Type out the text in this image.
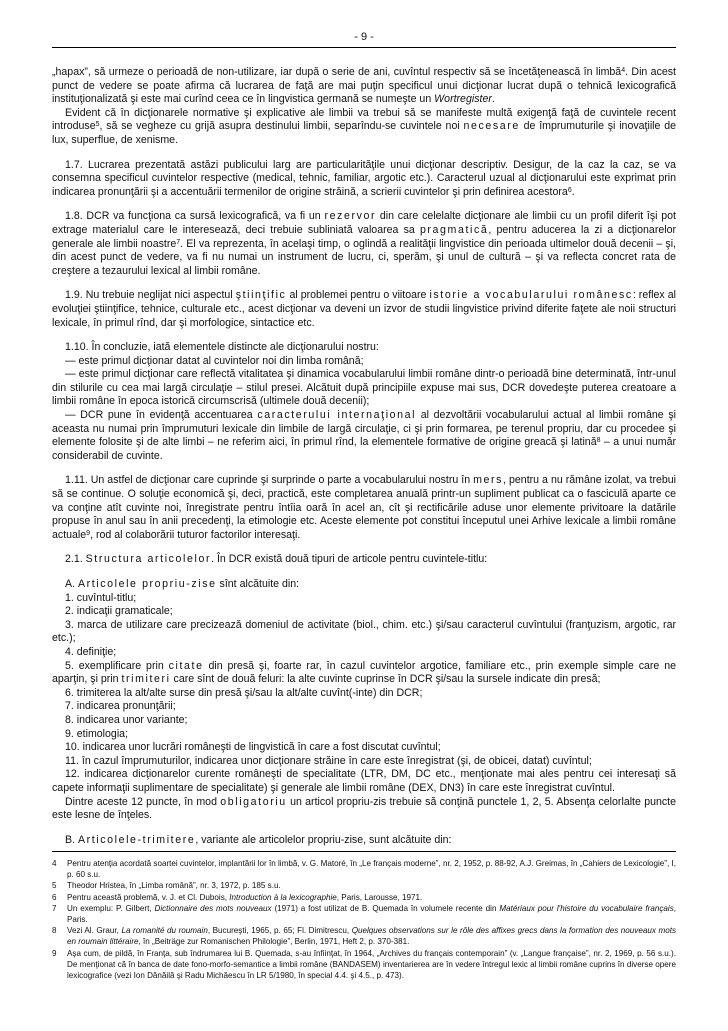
- 9 -

„hapax”, să urmeze o perioadă de non-utilizare, iar după o serie de ani, cuvîntul respectiv să se încetăţenească în limbă$^4$. Din acest punct de vedere se poate afirma că lucrarea de faţă are mai puţin specificul unui dicţionar lucrat după o tehnică lexicografică instituţionalizată şi este mai curînd ceea ce în lingvistica germană se numeşte un Wortregister.

Evident că în dicţionarele normative şi explicative ale limbii va trebui să se manifeste multă exigenţă faţă de cuvintele recent introduse$^5$, să se vegheze cu grijă asupra destinului limbii, separîndu-se cuvintele noi necesare de împrumuturile şi inovaţiile de lux, superflue, de xenisme.

1.7. Lucrarea prezentată astăzi publicului larg are particularităţile unui dicţionar descriptiv. Desigur, de la caz la caz, se va consemna specificul cuvintelor respective (medical, tehnic, familiar, argotic etc.). Caracterul uzual al dicţionarului este exprimat prin indicarea pronunţării şi a accentuării termenilor de origine străină, a scrierii cuvintelor şi prin definirea acestora$^6$.

1.8. DCR va funcţiona ca sursă lexicografică, va fi un rezervor din care celelalte dicţionare ale limbii cu un profil diferit îşi pot extrage materialul care le interesează, deci trebuie subliniată valoarea sa pragmatică, pentru aducerea la zi a dicţionarelor generale ale limbii noastre$^7$. El va reprezenta, în acelaşi timp, o oglindă a realităţii lingvistice din perioada ultimelor două decenii – şi, din acest punct de vedere, va fi nu numai un instrument de lucru, ci, sperăm, şi unul de cultură – şi va reflecta concret rata de creştere a tezaurului lexical al limbii române.

1.9. Nu trebuie neglijat nici aspectul ştiinţific al problemei pentru o viitoare istorie a vocabularului românesc: reflex al evoluţiei ştiinţifice, tehnice, culturale etc., acest dicţionar va deveni un izvor de studii lingvistice privind diferite faţete ale noii structuri lexicale, în primul rînd, dar şi morfologice, sintactice etc.

1.10. În concluzie, iată elementele distincte ale dicţionarului nostru:

— este primul dicţionar datat al cuvintelor noi din limba română;

— este primul dicţionar care reflectă vitalitatea şi dinamica vocabularului limbii române dintr-o perioadă bine determinată, într-unul din stilurile cu cea mai largă circulaţie – stilul presei. Alcătuit după principiile expuse mai sus, DCR dovedeşte puterea creatoare a limbii române în epoca istorică circumscrisă (ultimele două decenii);

— DCR pune în evidenţă accentuarea caracterului internaţional al dezvoltării vocabularului actual al limbii române şi aceasta nu numai prin împrumuturi lexicale din limbile de largă circulaţie, ci şi prin formarea, pe terenul propriu, dar cu procedee şi elemente folosite şi de alte limbi – ne referim aici, în primul rînd, la elementele formative de origine greacă şi latină$^8$ – a unui număr considerabil de cuvinte.

1.11. Un astfel de dicţionar care cuprinde şi surprinde o parte a vocabularului nostru în mers, pentru a nu rămâne izolat, va trebui să se continue. O soluţie economică şi, deci, practică, este completarea anuală printr-un supliment publicat ca o fasciculă aparte ce va conţine atît cuvinte noi, înregistrate pentru întîia oară în acel an, cît şi rectificările aduse unor elemente privitoare la datările propuse în anul sau în anii precedenţi, la etimologie etc. Aceste elemente pot constitui începutul unei Arhive lexicale a limbii române actuale$^9$, rod al colaborării tuturor factorilor interesaţi.

2.1. Structura articolelor. În DCR există două tipuri de articole pentru cuvintele-titlu:

A. Articolele propriu-zise sînt alcătuite din:

1. cuvîntul-titlu;

2. indicaţii gramaticale;

3. marca de utilizare care precizează domeniul de activitate (biol., chim. etc.) şi/sau caracterul cuvîntului (franţuzism, argotic, rar etc.);

4. definiţie;

5. exemplificare prin citate din presă şi, foarte rar, în cazul cuvintelor argotice, familiare etc., prin exemple simple care ne aparţin, şi prin trimiteri care sînt de două feluri: la alte cuvinte cuprinse în DCR şi/sau la sursele indicate din presă;

6. trimiterea la alt/alte surse din presă şi/sau la alt/alte cuvînt(-inte) din DCR;

7. indicarea pronunţării;

8. indicarea unor variante;

9. etimologia;

10. indicarea unor lucrări româneşti de lingvistică în care a fost discutat cuvîntul;

11. în cazul împrumuturilor, indicarea unor dicţionare străine în care este înregistrat (şi, de obicei, datat) cuvîntul;

12. indicarea dicţionarelor curente româneşti de specialitate (LTR, DM, DC etc., menţionate mai ales pentru cei interesaţi să capete informaţii suplimentare de specialitate) şi generale ale limbii române (DEX, DN3) în care este înregistrat cuvîntul.

Dintre aceste 12 puncte, în mod obligatoriu un articol propriu-zis trebuie să conţină punctele 1, 2, 5. Absenţa celorlalte puncte este lesne de înţeles.

B. Articolele-trimitere, variante ale articolelor propriu-zise, sunt alcătuite din:

4 Pentru atenţia acordată soartei cuvintelor, implantării lor în limbă, v. G. Matoré, în „Le français moderne”, nr. 2, 1952, p. 88-92, A.J. Greimas, în „Cahiers de Lexicologie”, I, p. 60 s.u.
5 Theodor Hristea, în „Limba română”, nr. 3, 1972, p. 185 s.u.
6 Pentru această problemă, v. J. et Cl. Dubois, Introduction à la lexicographie, Paris, Larousse, 1971.
7 Un exemplu: P. Gilbert, Dictionnaire des mots nouveaux (1971) a fost utilizat de B. Quemada în volumele recente din Matériaux pour l'histoire du vocabulaire français, Paris.
8 Vezi Al. Graur, La romanité du roumain, Bucureşti, 1965, p. 65; Fl. Dimitrescu, Quelques observations sur le rôle des affixes grecs dans la formation des nouveaux mots en roumain littéraire, în „Beiträge zur Romanischen Philologie”, Berlin, 1971, Heft 2, p. 370-381.
9 Aşa cum, de pildă, în Franţa, sub îndrumarea lui B. Quemada, s-au înfiinţat, în 1964, „Archives du français contemporain” (v. „Langue française”, nr. 2, 1969, p. 56 s.u.). De menţionat că în banca de date fono-morfo-semantice a limbii române (BANDASEM) inventarierea are în vedere întregul lexic al limbii române cuprins în diverse opere lexicografice (vezi Ion Dănăilă şi Radu Michăescu în LR 5/1980, în special 4.4. şi 4.5., p. 473).
